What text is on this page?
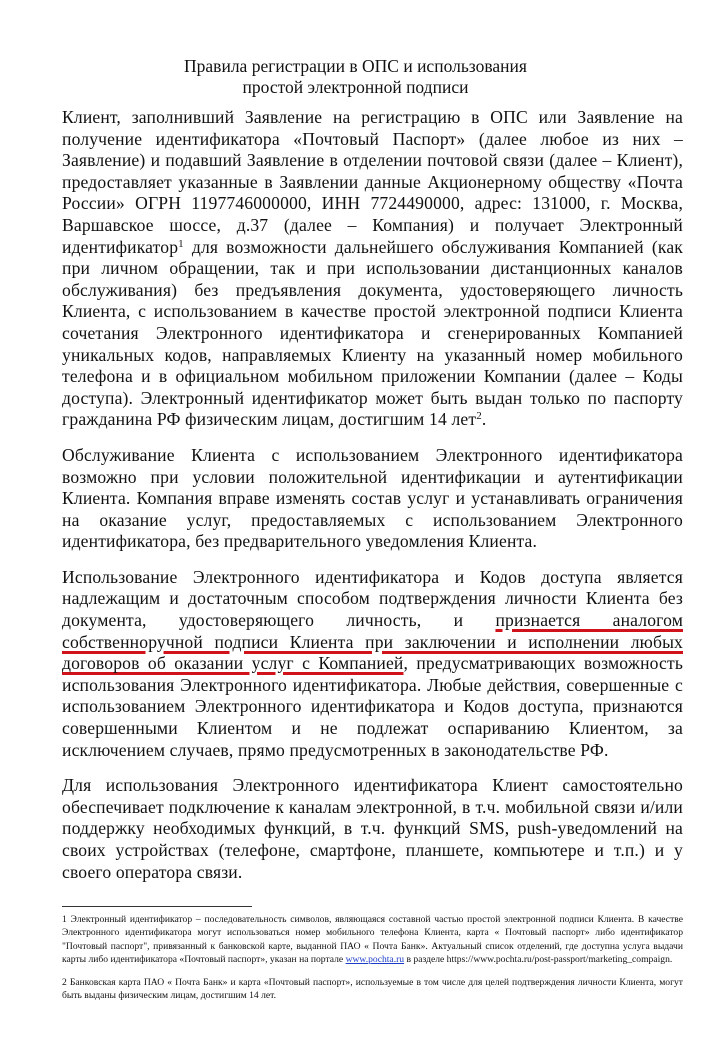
Правила регистрации в ОПС и использования
простой электронной подписи

Клиент, заполнивший Заявление на регистрацию в ОПС или Заявление на получение идентификатора «Почтовый Паспорт» (далее любое из них – Заявление) и подавший Заявление в отделении почтовой связи (далее – Клиент), предоставляет указанные в Заявлении данные Акционерному обществу «Почта России» ОГРН 1197746000000, ИНН 7724490000, адрес: 131000, г. Москва, Варшавское шоссе, д.37 (далее – Компания) и получает Электронный идентификатор$^1$ для возможности дальнейшего обслуживания Компанией (как при личном обращении, так и при использовании дистанционных каналов обслуживания) без предъявления документа, удостоверяющего личность Клиента, с использованием в качестве простой электронной подписи Клиента сочетания Электронного идентификатора и сгенерированных Компанией уникальных кодов, направляемых Клиенту на указанный номер мобильного телефона и в официальном мобильном приложении Компании (далее – Коды доступа). Электронный идентификатор может быть выдан только по паспорту гражданина РФ физическим лицам, достигшим 14 лет$^2$.

Обслуживание Клиента с использованием Электронного идентификатора возможно при условии положительной идентификации и аутентификации Клиента. Компания вправе изменять состав услуг и устанавливать ограничения на оказание услуг, предоставляемых с использованием Электронного идентификатора, без предварительного уведомления Клиента.

Использование Электронного идентификатора и Кодов доступа является надлежащим и достаточным способом подтверждения личности Клиента без документа, удостоверяющего личность, и признается аналогом собственноручной подписи Клиента при заключении и исполнении любых договоров об оказании услуг с Компанией, предусматривающих возможность использования Электронного идентификатора. Любые действия, совершенные с использованием Электронного идентификатора и Кодов доступа, признаются совершенными Клиентом и не подлежат оспариванию Клиентом, за исключением случаев, прямо предусмотренных в законодательстве РФ.

Для использования Электронного идентификатора Клиент самостоятельно обеспечивает подключение к каналам электронной, в т.ч. мобильной связи и/или поддержку необходимых функций, в т.ч. функций SMS, push-уведомлений на своих устройствах (телефоне, смартфоне, планшете, компьютере и т.п.) и у своего оператора связи.

1 Электронный идентификатор – последовательность символов, являющаяся составной частью простой электронной подписи Клиента. В качестве Электронного идентификатора могут использоваться номер мобильного телефона Клиента, карта « Почтовый паспорт» либо идентификатор "Почтовый паспорт", привязанный к банковской карте, выданной ПАО « Почта Банк». Актуальный список отделений, где доступна услуга выдачи карты либо идентификатора «Почтовый паспорт», указан на портале www.pochta.ru в разделе https://www.pochta.ru/post-passport/marketing_compaign.

2 Банковская карта ПАО « Почта Банк» и карта «Почтовый паспорт», используемые в том числе для целей подтверждения личности Клиента, могут быть выданы физическим лицам, достигшим 14 лет.
